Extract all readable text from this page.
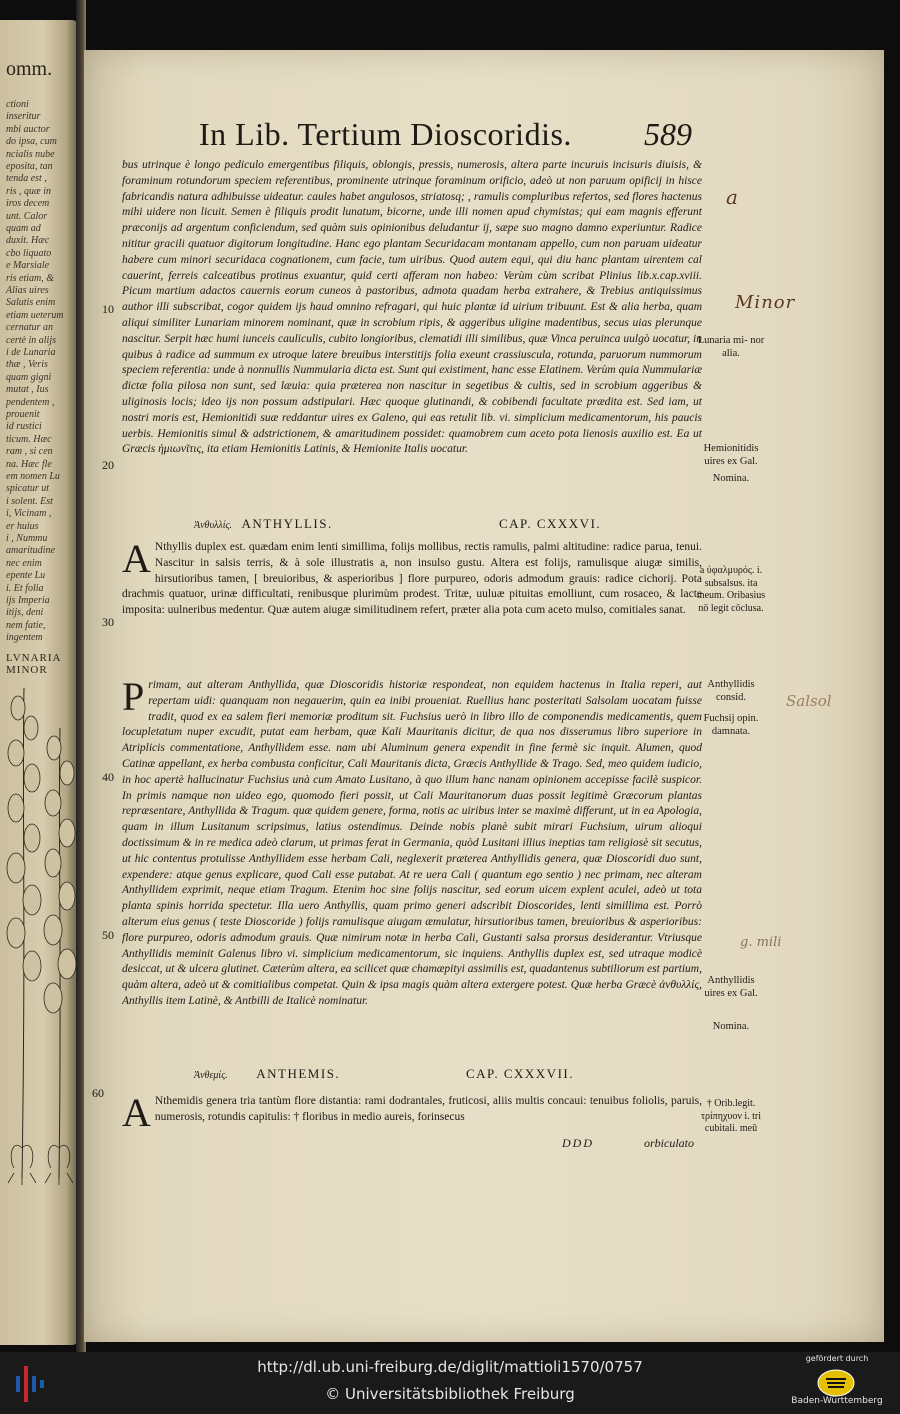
omm.
ctioni
inseritur
mbi auctor
do ipsa, cum
ncialis nube
eposita, tan
tenda est ,
ris , quæ in
iros decem
unt. Calor
quam ad
duxit. Hæc
cbo liquato
e Marsiale
ris etiam, &
Alias uires
Salutis enim
etiam ueterum
cernatur an
certè in alijs
i de Lunaria
thæ , Veris
quam gigni
mutat , Ius
pendentem ,
prouenit
id rustici
ticum. Hæc
ram , si cen
na. Hæc fle
em nomen Lu
spicatur ut
i solent. Est
i, Vicinam ,
er huius
i , Nummu
amaritudine
nec enim
epente Lu
i. Et folia
ijs Imperia
itijs, deni
nem fatie,
ingentem
LVNARIA MINOR
In Lib. Tertium Dioscoridis. 589
10
20
30
40
50
60

bus utrinque è longo pediculo emergentibus filiquis, oblongis, pressis, numerosis, altera parte incuruis incisuris diuisis, & foraminum rotundorum speciem referentibus, prominente utrinque foraminum orificio, adeò ut non paruum opificij in hisce fabricandis natura adhibuisse uideatur. caules habet angulosos, striatosq; , ramulis compluribus refertos, sed flores hactenus mihi uidere non licuit. Semen è filiquis prodit lunatum, bicorne, unde illi nomen apud chymistas; qui eam magnis efferunt præconijs ad argentum conficiendum, sed quàm suis opinionibus deludantur ij, sæpe suo magno damno experiuntur. Radice nititur gracili quatuor digitorum longitudine. Hanc ego plantam Securidacam montanam appello, cum non paruam uideatur habere cum minori securidaca cognationem, cum facie, tum uiribus. Quod autem equi, qui diu hanc plantam uirentem cal cauerint, ferreis calceatibus protinus exuantur, quid certi afferam non habeo: Verùm cùm scribat Plinius lib.x.cap.xviii. Picum martium adactos cauernis eorum cuneos à pastoribus, admota quadam herba extrahere, & Trebius antiquissimus author illi subscribat, cogor quidem ijs haud omnino refragari, qui huic plantæ id uirium tribuunt. Est & alia herba, quam aliqui similiter Lunariam minorem nominant, quæ in scrobium ripis, & aggeribus uligine madentibus, secus uias plerunque nascitur. Serpit hæc humi iunceis cauliculis, cubito longioribus, clematidi illi similibus, quæ Vinca peruinca uulgò uocatur, in quibus à radice ad summum ex utroque latere breuibus interstitijs folia exeunt crassiuscula, rotunda, paruorum nummorum speciem referentia: unde à nonnullis Nummularia dicta est. Sunt qui existiment, hanc esse Elatinem. Verùm quia Nummulariæ dictæ folia pilosa non sunt, sed læuia: quia præterea non nascitur in segetibus & cultis, sed in scrobium aggeribus & uliginosis locis; ideo ijs non possum adstipulari. Hæc quoque glutinandi, & cobibendi facultate prædita est. Sed iam, ut nostri moris est, Hemionitidi suæ reddantur uires ex Galeno, qui eas retulit lib. vi. simplicium medicamentorum, his paucis uerbis. Hemionitis simul & adstrictionem, & amaritudinem possidet: quamobrem cum aceto pota lienosis auxilio est. Ea ut Græcis ἡμιωνῖτις, ita etiam Hemionitis Latinis, & Hemionite Italis uocatur.

Ἀνθυλλίς. ANTHYLLIS.	CAP. CXXXVI.

A Nthyllis duplex est. quædam enim lenti simillima, folijs mollibus, rectis ramulis, palmi altitudine: radice parua, tenui. Nascitur in salsis terris, & à sole illustratis a, non insulso gustu. Altera est folijs, ramulisque aiugæ similis, hirsutioribus tamen, [ breuioribus, & asperioribus ] flore purpureo, odoris admodum grauis: radice cichorij. Pota drachmis quatuor, urinæ difficultati, renibusque plurimùm prodest. Tritæ, uuluæ pituitas emolliunt, cum rosaceo, & lacte imposita: uulneribus medentur. Quæ autem aiugæ similitudinem refert, præter alia pota cum aceto mulso, comitiales sanat.

Primam, aut alteram Anthyllida, quæ Dioscoridis historiæ respondeat, non equidem hactenus in Italia reperi, aut repertam uidi: quanquam non negauerim, quin ea inibi proueniat. Ruellius hanc posteritati Salsolam uocatam fuisse tradit, quod ex ea salem fieri memoriæ proditum sit. Fuchsius uerò in libro illo de componendis medicamentis, quem locupletatum nuper excudit, putat eam herbam, quæ Kali Mauritanis dicitur, de qua nos disserumus libro superiore in Atriplicis commentatione, Anthyllidem esse. nam ubi Aluminum genera expendit in fine fermè sic inquit. Alumen, quod Catinæ appellant, ex herba combusta conficitur, Cali Mauritanis dicta, Græcis Anthyllide & Trago. Sed, meo quidem iudicio, in hoc apertè hallucinatur Fuchsius unà cum Amato Lusitano, à quo illum hanc nanam opinionem accepisse facilè suspicor. In primis namque non uideo ego, quomodo fieri possit, ut Cali Mauritanorum duas possit legitimè Græcorum plantas repræsentare, Anthyllida & Tragum. quæ quidem genere, forma, notis ac uiribus inter se maximè differunt, ut in ea Apologia, quam in illum Lusitanum scripsimus, latius ostendimus. Deinde nobis planè subit mirari Fuchsium, uirum alioqui doctissimum & in re medica adeò clarum, ut primas ferat in Germania, quòd Lusitani illius ineptias tam religiosè sit secutus, ut hic contentus protulisse Anthyllidem esse herbam Cali, neglexerit præterea Anthyllidis genera, quæ Dioscoridi duo sunt, expendere: atque genus explicare, quod Cali esse putabat. At re uera Cali ( quantum ego sentio ) nec primam, nec alteram Anthyllidem exprimit, neque etiam Tragum. Etenim hoc sine folijs nascitur, sed eorum uicem explent aculei, adeò ut tota planta spinis horrida spectetur. Illa uero Anthyllis, quam primo generi adscribit Dioscorides, lenti simillima est. Porrò alterum eius genus ( teste Dioscoride ) folijs ramulisque aiugam æmulatur, hirsutioribus tamen, breuioribus & asperioribus: flore purpureo, odoris admodum grauis. Quæ nimirum notæ in herba Cali, Gustanti salsa prorsus desiderantur. Vtriusque Anthyllidis meminit Galenus libro vi. simplicium medicamentorum, sic inquiens. Anthyllis duplex est, sed utraque modicè desiccat, ut & ulcera glutinet. Cæterùm altera, ea scilicet quæ chamæpityi assimilis est, quadantenus subtiliorum est partium, quàm altera, adeò ut & comitialibus competat. Quin & ipsa magis quàm altera extergere potest. Quæ herba Græcè ἀνθυλλίς, Anthyllis item Latinè, & Antbilli de Italicè nominatur.

Ἀνθεμίς. ANTHEMIS.	CAP. CXXXVII.

A Nthemidis genera tria tantùm flore distantia: rami dodrantales, fruticosi, aliis multis concaui: tenuibus foliolis, paruis, numerosis, rotundis capitulis: † floribus in medio aureis, forinsecus

DDD	orbiculato
Lunaria mi- nor alia.
Hemionitidis uires ex Gal.
Nomina.
a ὑφαλμυρός. i. subsalsus. ita meum. Oribasius nō legit cōclusa.
Anthyllidis consid.
Fuchsij opin. damnata.
Anthyllidis uires ex Gal.
Nomina.
† Orib.legit. τρίπηχυον i. tri cubitali. meū
a
Minor
Salsol
g. mili
http://dl.ub.uni-freiburg.de/diglit/mattioli1570/0757
© Universitätsbibliothek Freiburg
gefördert durch
Baden-Württemberg
